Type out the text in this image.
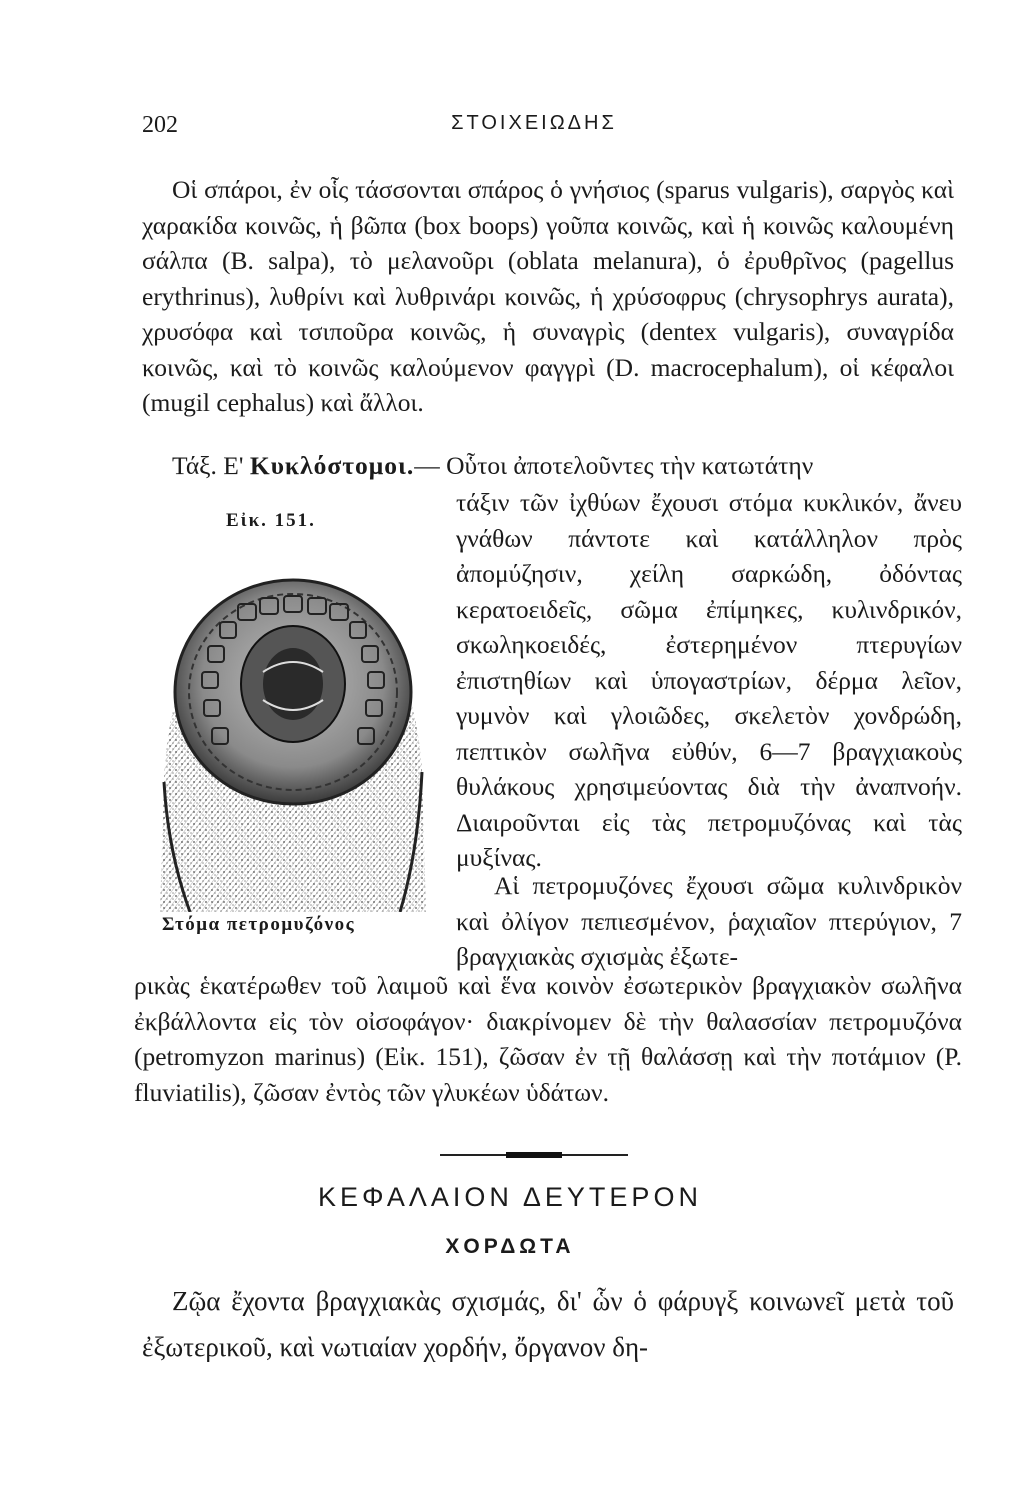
202	ΣΤΟΙΧΕΙΩΔΗΣ

Οἱ σπάροι, ἐν οἷς τάσσονται σπάρος ὁ γνήσιος (sparus vulgaris), σαργὸς καὶ χαρακίδα κοινῶς, ἡ βῶπα (box boops) γοῦπα κοινῶς, καὶ ἡ κοινῶς καλουμένη σάλπα (B. salpa), τὸ μελανοῦρι (oblata melanura), ὁ ἐρυθρῖνος (pagellus erythrinus), λυθρίνι καὶ λυθρινάρι κοινῶς, ἡ χρύσοφρυς (chrysophrys aurata), χρυσόφα καὶ τσιποῦρα κοινῶς, ἡ συναγρὶς (dentex vulgaris), συναγρίδα κοινῶς, καὶ τὸ κοινῶς καλούμενον φαγγρὶ (D. macrocephalum), οἱ κέφαλοι (mugil cephalus) καὶ ἄλλοι.

Τάξ. Ε' Κυκλόστομοι.— Οὗτοι ἀποτελοῦντες τὴν κατωτάτην

τάξιν τῶν ἰχθύων ἔχουσι στόμα κυκλικόν, ἄνευ γνάθων πάντοτε καὶ κατάλληλον πρὸς ἀπομύζησιν, χείλη σαρκώδη, ὀδόντας κερατοειδεῖς, σῶμα ἐπίμηκες, κυλινδρικόν, σκωληκοειδές, ἐστερημένον πτερυγίων ἐπιστηθίων καὶ ὑπογαστρίων, δέρμα λεῖον, γυμνὸν καὶ γλοιῶδες, σκελετὸν χονδρώδη, πεπτικὸν σωλῆνα εὐθύν, 6—7 βραγχιακοὺς θυλάκους χρησιμεύοντας διὰ τὴν ἀναπνοήν. Διαιροῦνται εἰς τὰς πετρομυζόνας καὶ τὰς μυξίνας.

Εἰκ. 151.
Στόμα πετρομυζόνος

Αἱ πετρομυζόνες ἔχουσι σῶμα κυλινδρικὸν καὶ ὀλίγον πεπιεσμένον, ῥαχιαῖον πτερύγιον, 7 βραγχιακὰς σχισμὰς ἐξωτε-

ρικὰς ἑκατέρωθεν τοῦ λαιμοῦ καὶ ἕνα κοινὸν ἐσωτερικὸν βραγχιακὸν σωλῆνα ἐκβάλλοντα εἰς τὸν οἰσοφάγον· διακρίνομεν δὲ τὴν θαλασσίαν πετρομυζόνα (petromyzon marinus) (Εἰκ. 151), ζῶσαν ἐν τῇ θαλάσσῃ καὶ τὴν ποτάμιον (P. fluviatilis), ζῶσαν ἐντὸς τῶν γλυκέων ὑδάτων.

ΚΕΦΑΛΑΙΟΝ ΔΕΥΤΕΡΟΝ
ΧΟΡΔΩΤΑ

Ζῷα ἔχοντα βραγχιακὰς σχισμάς, δι' ὧν ὁ φάρυγξ κοινωνεῖ μετὰ τοῦ ἐξωτερικοῦ, καὶ νωτιαίαν χορδήν, ὄργανον δη-
